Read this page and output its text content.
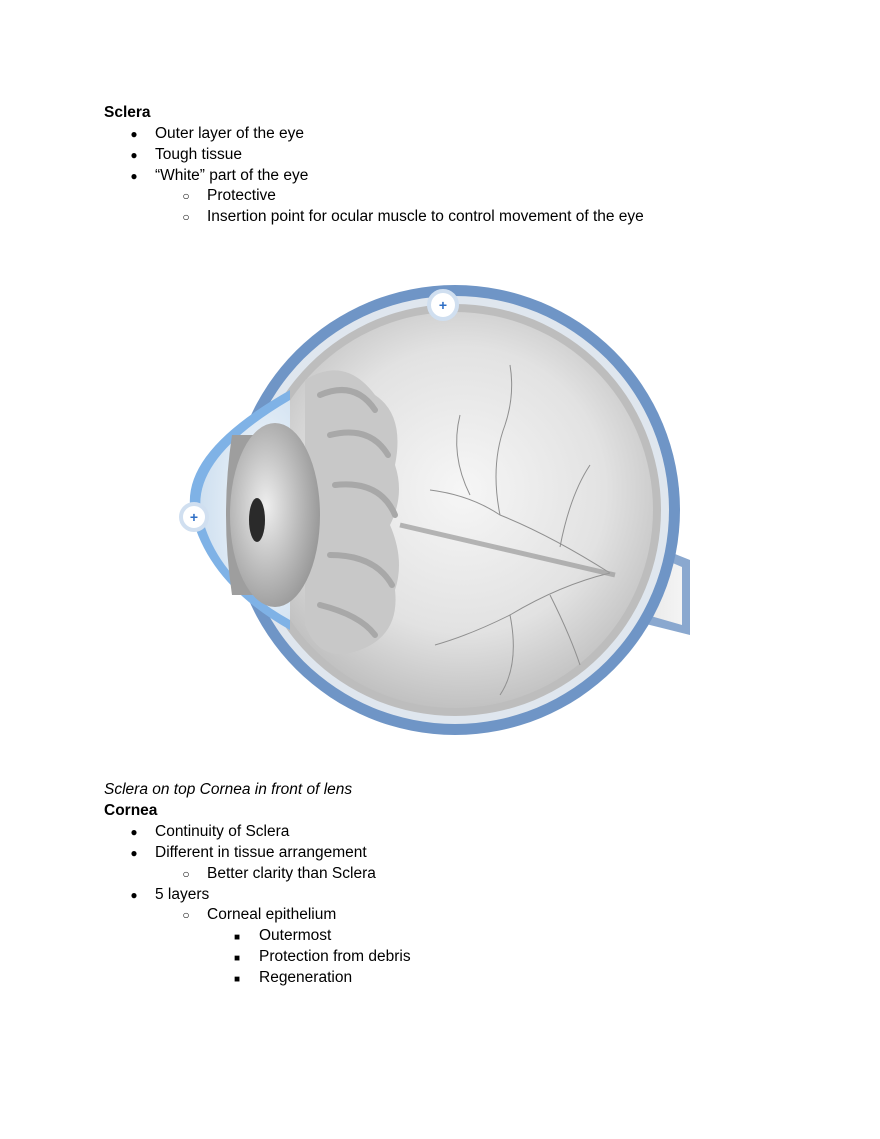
Sclera
●
Outer layer of the eye
●
Tough tissue
●
“White” part of the eye
○
Protective
○
Insertion point for ocular muscle to control movement of the eye
+
+
Sclera on top Cornea in front of lens
Cornea
●
Continuity of Sclera
●
Different in tissue arrangement
○
Better clarity than Sclera
●
5 layers
○
Corneal epithelium
■
Outermost
■
Protection from debris
■
Regeneration
